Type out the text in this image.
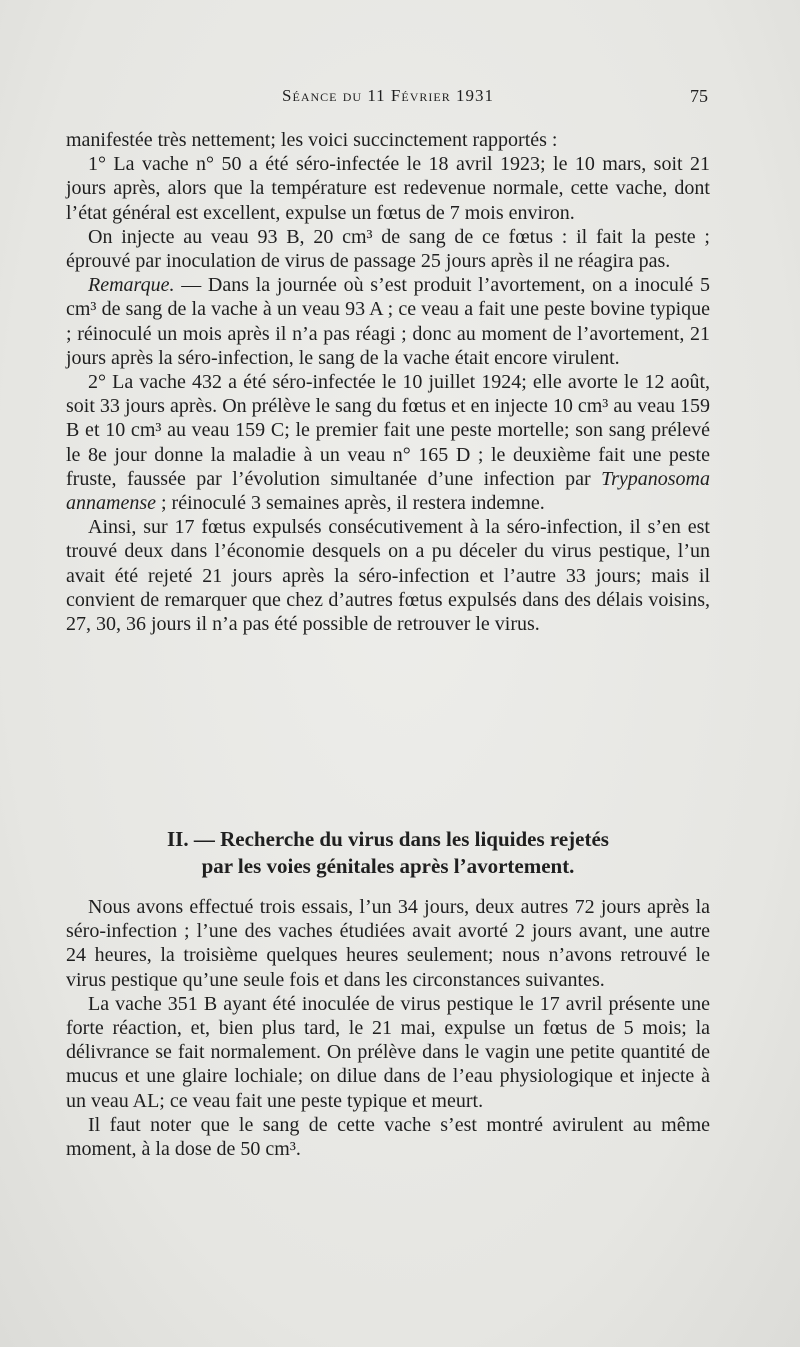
Séance du 11 Février 1931	75

manifestée très nettement; les voici succinctement rapportés :

1° La vache n° 50 a été séro-infectée le 18 avril 1923; le 10 mars, soit 21 jours après, alors que la température est redevenue normale, cette vache, dont l’état général est excellent, expulse un fœtus de 7 mois environ.

On injecte au veau 93 B, 20 cm³ de sang de ce fœtus : il fait la peste ; éprouvé par inoculation de virus de passage 25 jours après il ne réagira pas.

Remarque. — Dans la journée où s’est produit l’avortement, on a inoculé 5 cm³ de sang de la vache à un veau 93 A ; ce veau a fait une peste bovine typique ; réinoculé un mois après il n’a pas réagi ; donc au moment de l’avortement, 21 jours après la séro-infection, le sang de la vache était encore virulent.

2° La vache 432 a été séro-infectée le 10 juillet 1924; elle avorte le 12 août, soit 33 jours après. On prélève le sang du fœtus et en injecte 10 cm³ au veau 159 B et 10 cm³ au veau 159 C; le premier fait une peste mortelle; son sang prélevé le 8e jour donne la maladie à un veau n° 165 D ; le deuxième fait une peste fruste, faussée par l’évolution simultanée d’une infection par Trypanosoma annamense ; réinoculé 3 semaines après, il restera indemne.

Ainsi, sur 17 fœtus expulsés consécutivement à la séro-infection, il s’en est trouvé deux dans l’économie desquels on a pu déceler du virus pestique, l’un avait été rejeté 21 jours après la séro-infection et l’autre 33 jours; mais il convient de remarquer que chez d’autres fœtus expulsés dans des délais voisins, 27, 30, 36 jours il n’a pas été possible de retrouver le virus.

II. — Recherche du virus dans les liquides rejetés
par les voies génitales après l’avortement.

Nous avons effectué trois essais, l’un 34 jours, deux autres 72 jours après la séro-infection ; l’une des vaches étudiées avait avorté 2 jours avant, une autre 24 heures, la troisième quelques heures seulement; nous n’avons retrouvé le virus pestique qu’une seule fois et dans les circonstances suivantes.

La vache 351 B ayant été inoculée de virus pestique le 17 avril présente une forte réaction, et, bien plus tard, le 21 mai, expulse un fœtus de 5 mois; la délivrance se fait normalement. On prélève dans le vagin une petite quantité de mucus et une glaire lochiale; on dilue dans de l’eau physiologique et injecte à un veau AL; ce veau fait une peste typique et meurt.

Il faut noter que le sang de cette vache s’est montré avirulent au même moment, à la dose de 50 cm³.
